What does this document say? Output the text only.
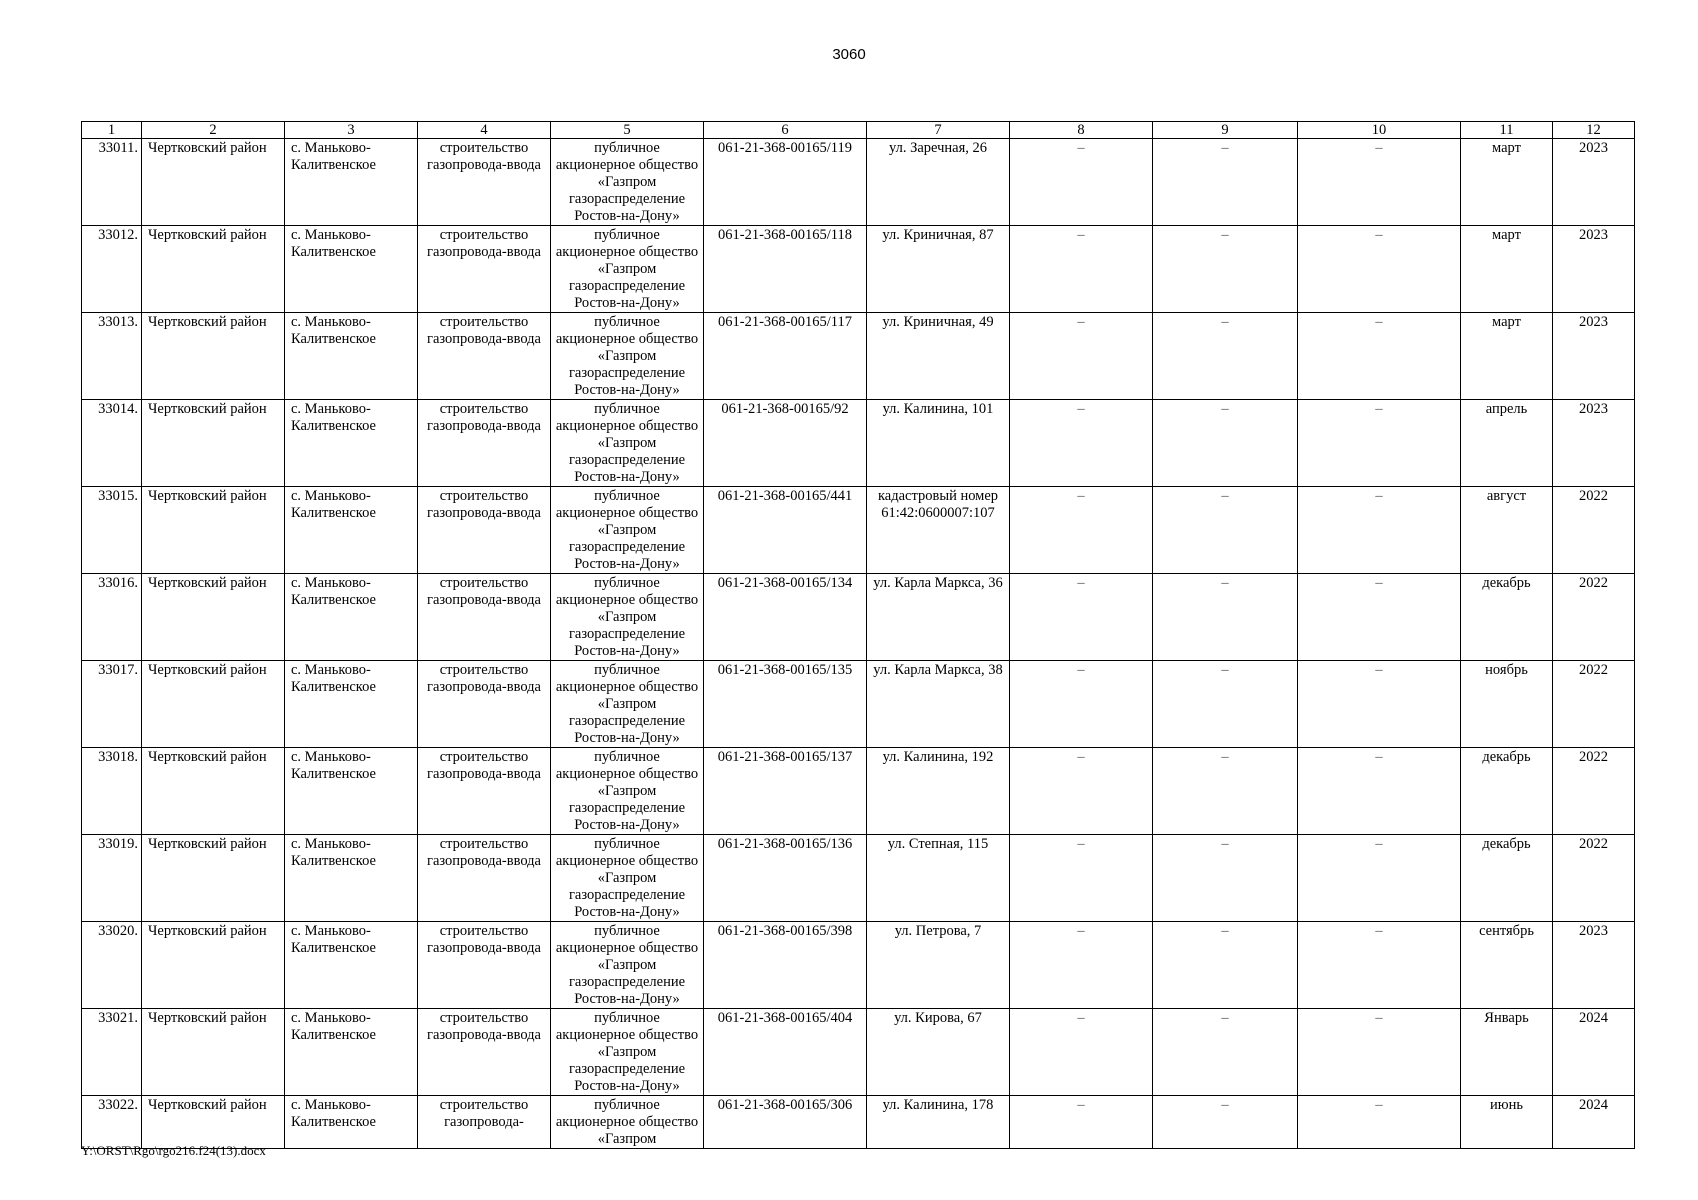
3060
1	2	3	4	5	6	7	8	9	10	11	12
33011.	Чертковский район	с. Маньково-Калитвенское	строительство газопровода-ввода	публичное акционерное общество «Газпром газораспределение Ростов-на-Дону»	061-21-368-00165/119	ул. Заречная, 26	–	–	–	март	2023
33012.	Чертковский район	с. Маньково-Калитвенское	строительство газопровода-ввода	публичное акционерное общество «Газпром газораспределение Ростов-на-Дону»	061-21-368-00165/118	ул. Криничная, 87	–	–	–	март	2023
33013.	Чертковский район	с. Маньково-Калитвенское	строительство газопровода-ввода	публичное акционерное общество «Газпром газораспределение Ростов-на-Дону»	061-21-368-00165/117	ул. Криничная, 49	–	–	–	март	2023
33014.	Чертковский район	с. Маньково-Калитвенское	строительство газопровода-ввода	публичное акционерное общество «Газпром газораспределение Ростов-на-Дону»	061-21-368-00165/92	ул. Калинина, 101	–	–	–	апрель	2023
33015.	Чертковский район	с. Маньково-Калитвенское	строительство газопровода-ввода	публичное акционерное общество «Газпром газораспределение Ростов-на-Дону»	061-21-368-00165/441	кадастровый номер 61:42:0600007:107	–	–	–	август	2022
33016.	Чертковский район	с. Маньково-Калитвенское	строительство газопровода-ввода	публичное акционерное общество «Газпром газораспределение Ростов-на-Дону»	061-21-368-00165/134	ул. Карла Маркса, 36	–	–	–	декабрь	2022
33017.	Чертковский район	с. Маньково-Калитвенское	строительство газопровода-ввода	публичное акционерное общество «Газпром газораспределение Ростов-на-Дону»	061-21-368-00165/135	ул. Карла Маркса, 38	–	–	–	ноябрь	2022
33018.	Чертковский район	с. Маньково-Калитвенское	строительство газопровода-ввода	публичное акционерное общество «Газпром газораспределение Ростов-на-Дону»	061-21-368-00165/137	ул. Калинина, 192	–	–	–	декабрь	2022
33019.	Чертковский район	с. Маньково-Калитвенское	строительство газопровода-ввода	публичное акционерное общество «Газпром газораспределение Ростов-на-Дону»	061-21-368-00165/136	ул. Степная, 115	–	–	–	декабрь	2022
33020.	Чертковский район	с. Маньково-Калитвенское	строительство газопровода-ввода	публичное акционерное общество «Газпром газораспределение Ростов-на-Дону»	061-21-368-00165/398	ул. Петрова, 7	–	–	–	сентябрь	2023
33021.	Чертковский район	с. Маньково-Калитвенское	строительство газопровода-ввода	публичное акционерное общество «Газпром газораспределение Ростов-на-Дону»	061-21-368-00165/404	ул. Кирова, 67	–	–	–	Январь	2024
33022.	Чертковский район	с. Маньково-Калитвенское	строительство газопровода-	публичное акционерное общество «Газпром	061-21-368-00165/306	ул. Калинина, 178	–	–	–	июнь	2024
Y:\ORST\Rgo\rgo216.f24(13).docx
